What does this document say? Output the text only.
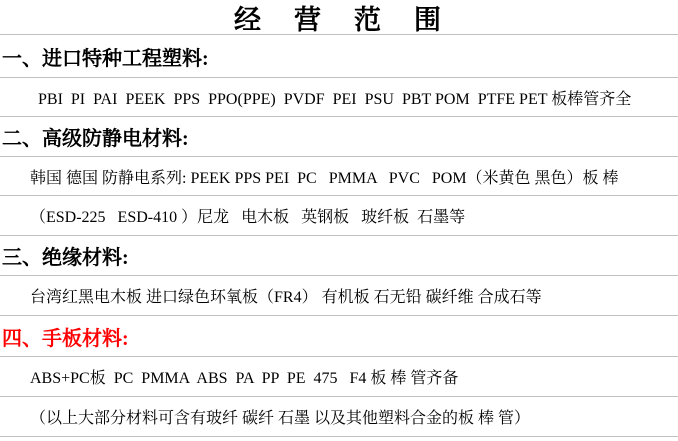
经　营　范　围
一、进口特种工程塑料:
PBI  PI  PAI  PEEK  PPS  PPO(PPE)  PVDF  PEI  PSU  PBT POM  PTFE PET 板棒管齐全
二、高级防静电材料:
韩国 德国 防静电系列: PEEK PPS PEI  PC   PMMA   PVC   POM（米黄色 黑色）板 棒
（ESD-225   ESD-410 ）尼龙   电木板   英钢板   玻纤板  石墨等
三、绝缘材料:
台湾红黑电木板 进口绿色环氧板（FR4） 有机板 石无铅 碳纤维 合成石等
四、手板材料:
ABS+PC板  PC  PMMA  ABS  PA  PP  PE  475   F4 板 棒 管齐备
（以上大部分材料可含有玻纤 碳纤 石墨 以及其他塑料合金的板 棒 管）
